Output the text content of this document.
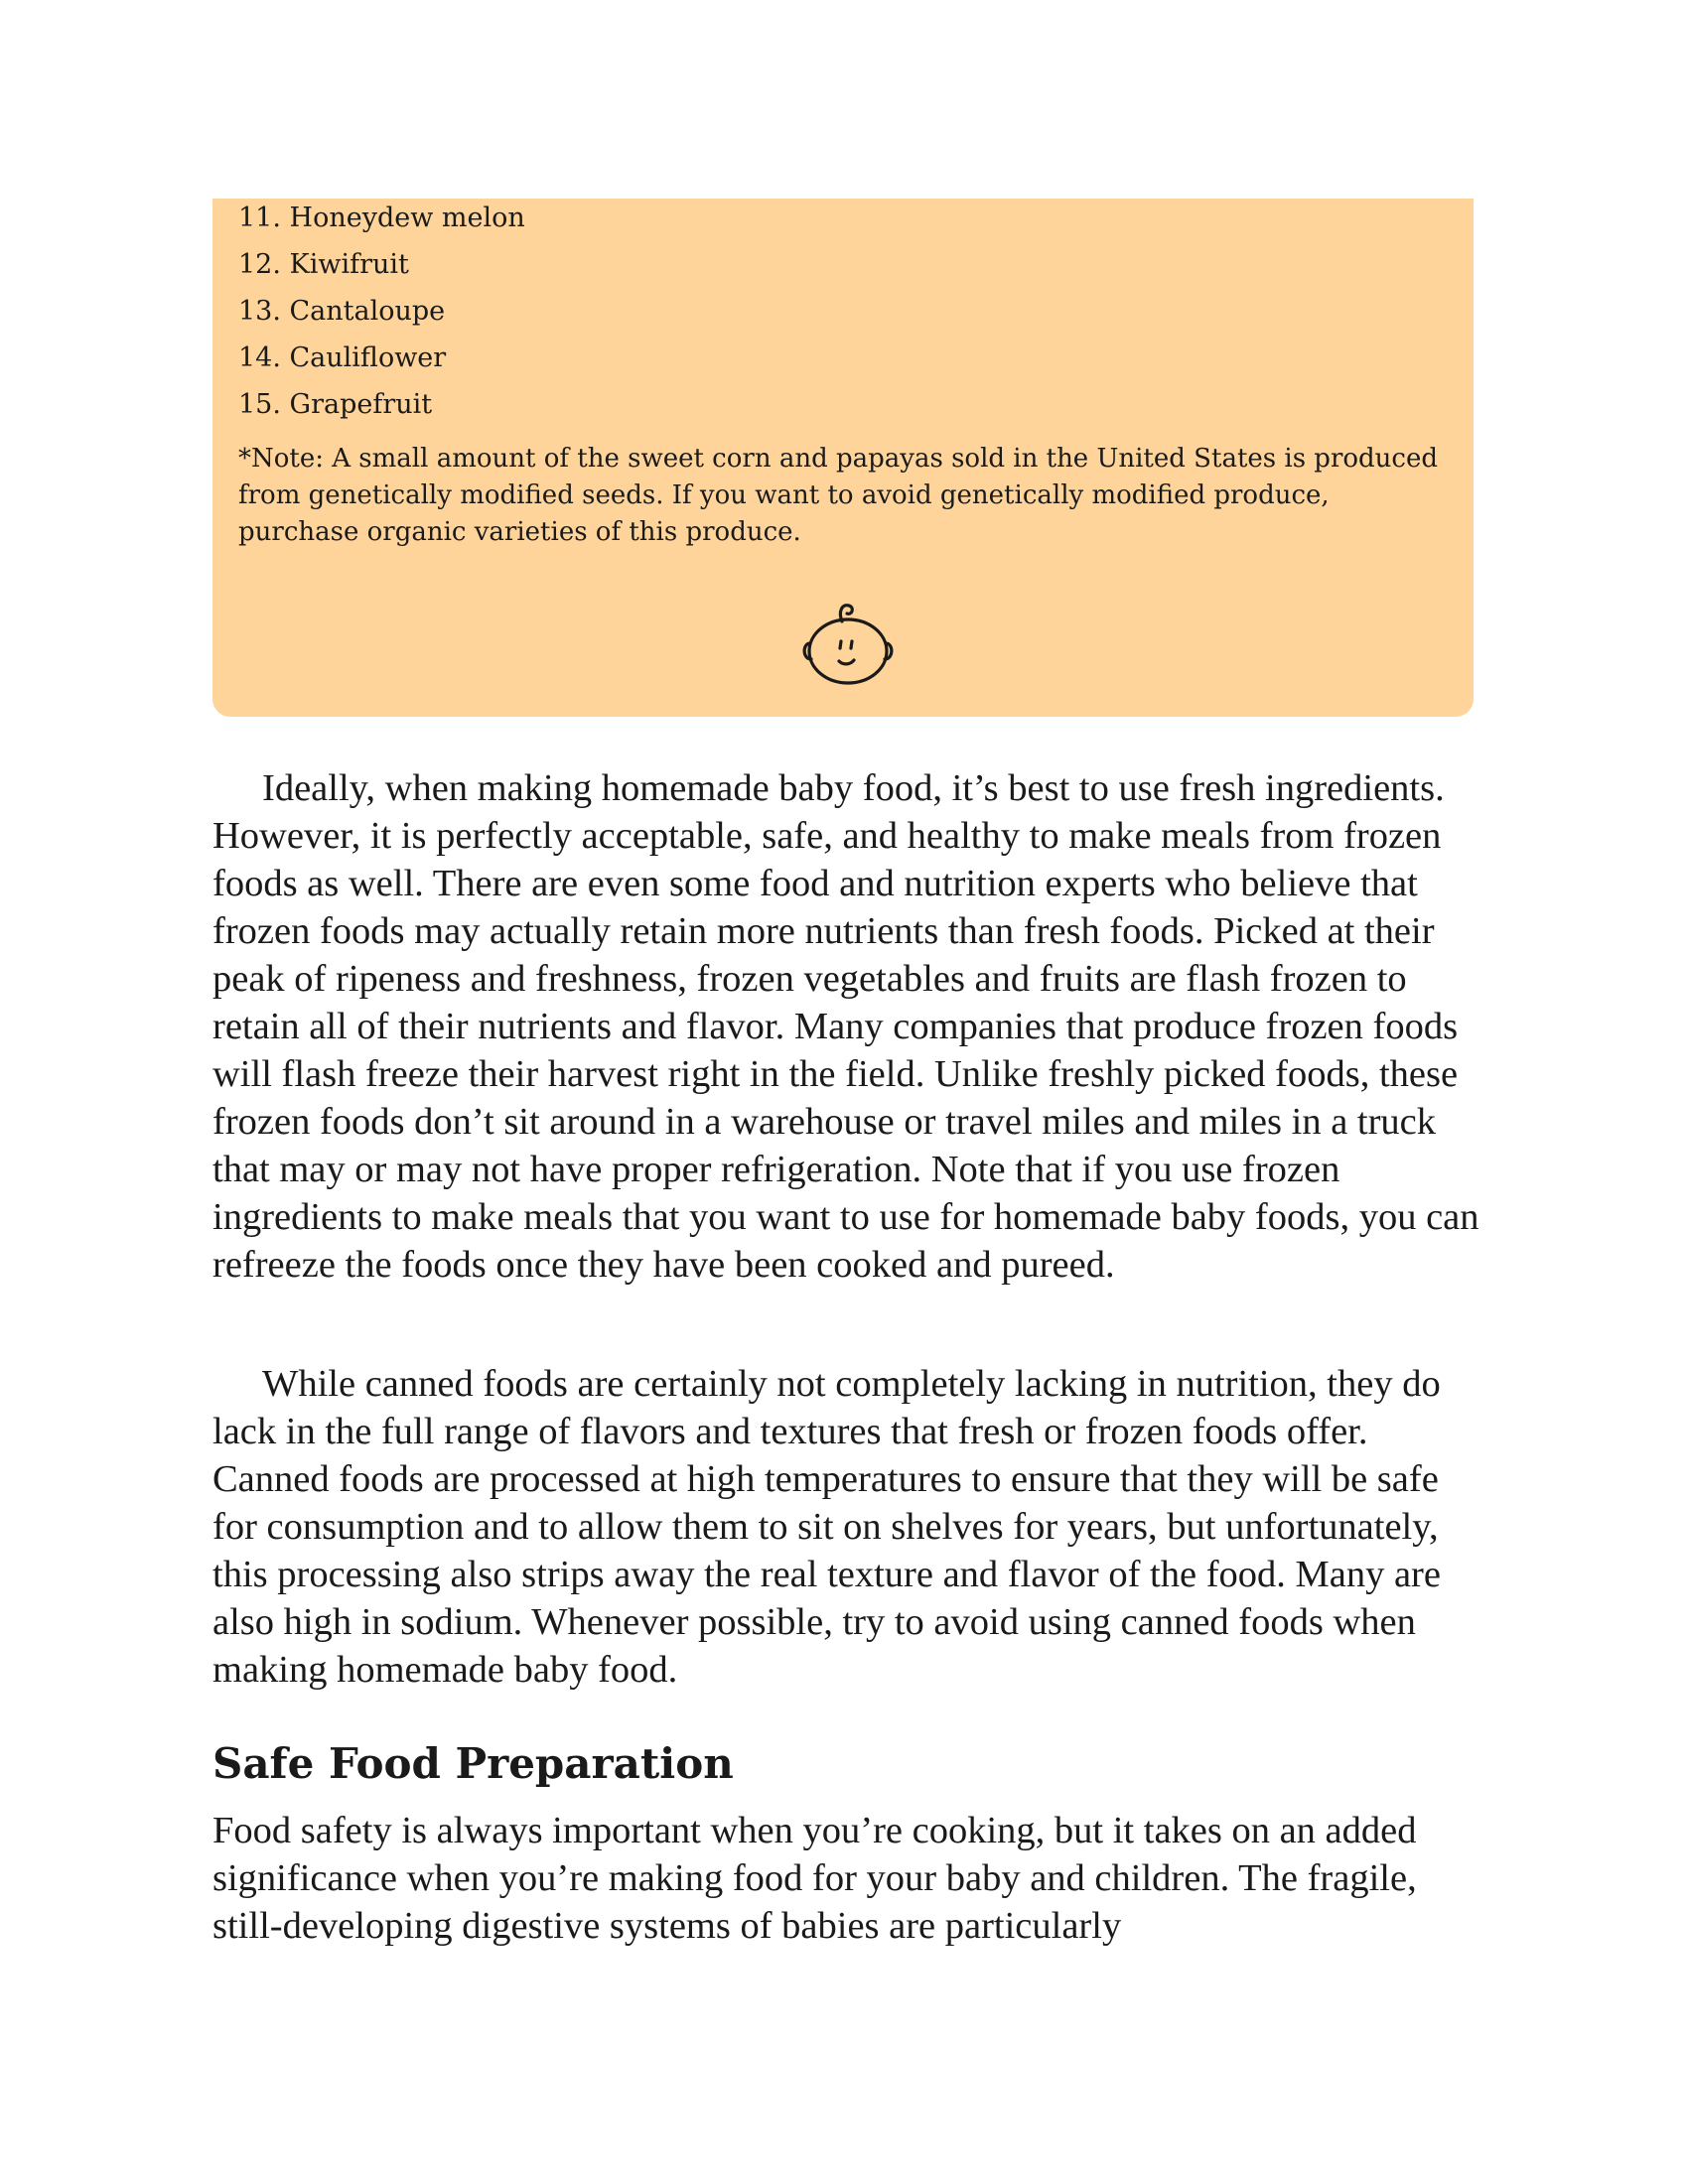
11. Honeydew melon
12. Kiwifruit
13. Cantaloupe
14. Cauliflower
15. Grapefruit

*Note: A small amount of the sweet corn and papayas sold in the United States is produced from genetically modified seeds. If you want to avoid genetically modified produce, purchase organic varieties of this produce.

Ideally, when making homemade baby food, it’s best to use fresh ingredients. However, it is perfectly acceptable, safe, and healthy to make meals from frozen foods as well. There are even some food and nutrition experts who believe that frozen foods may actually retain more nutrients than fresh foods. Picked at their peak of ripeness and freshness, frozen vegetables and fruits are flash frozen to retain all of their nutrients and flavor. Many companies that produce frozen foods will flash freeze their harvest right in the field. Unlike freshly picked foods, these frozen foods don’t sit around in a warehouse or travel miles and miles in a truck that may or may not have proper refrigeration. Note that if you use frozen ingredients to make meals that you want to use for homemade baby foods, you can refreeze the foods once they have been cooked and pureed.

While canned foods are certainly not completely lacking in nutrition, they do lack in the full range of flavors and textures that fresh or frozen foods offer. Canned foods are processed at high temperatures to ensure that they will be safe for consumption and to allow them to sit on shelves for years, but unfortunately, this processing also strips away the real texture and flavor of the food. Many are also high in sodium. Whenever possible, try to avoid using canned foods when making homemade baby food.

Safe Food Preparation

Food safety is always important when you’re cooking, but it takes on an added significance when you’re making food for your baby and children. The fragile, still-developing digestive systems of babies are particularly
